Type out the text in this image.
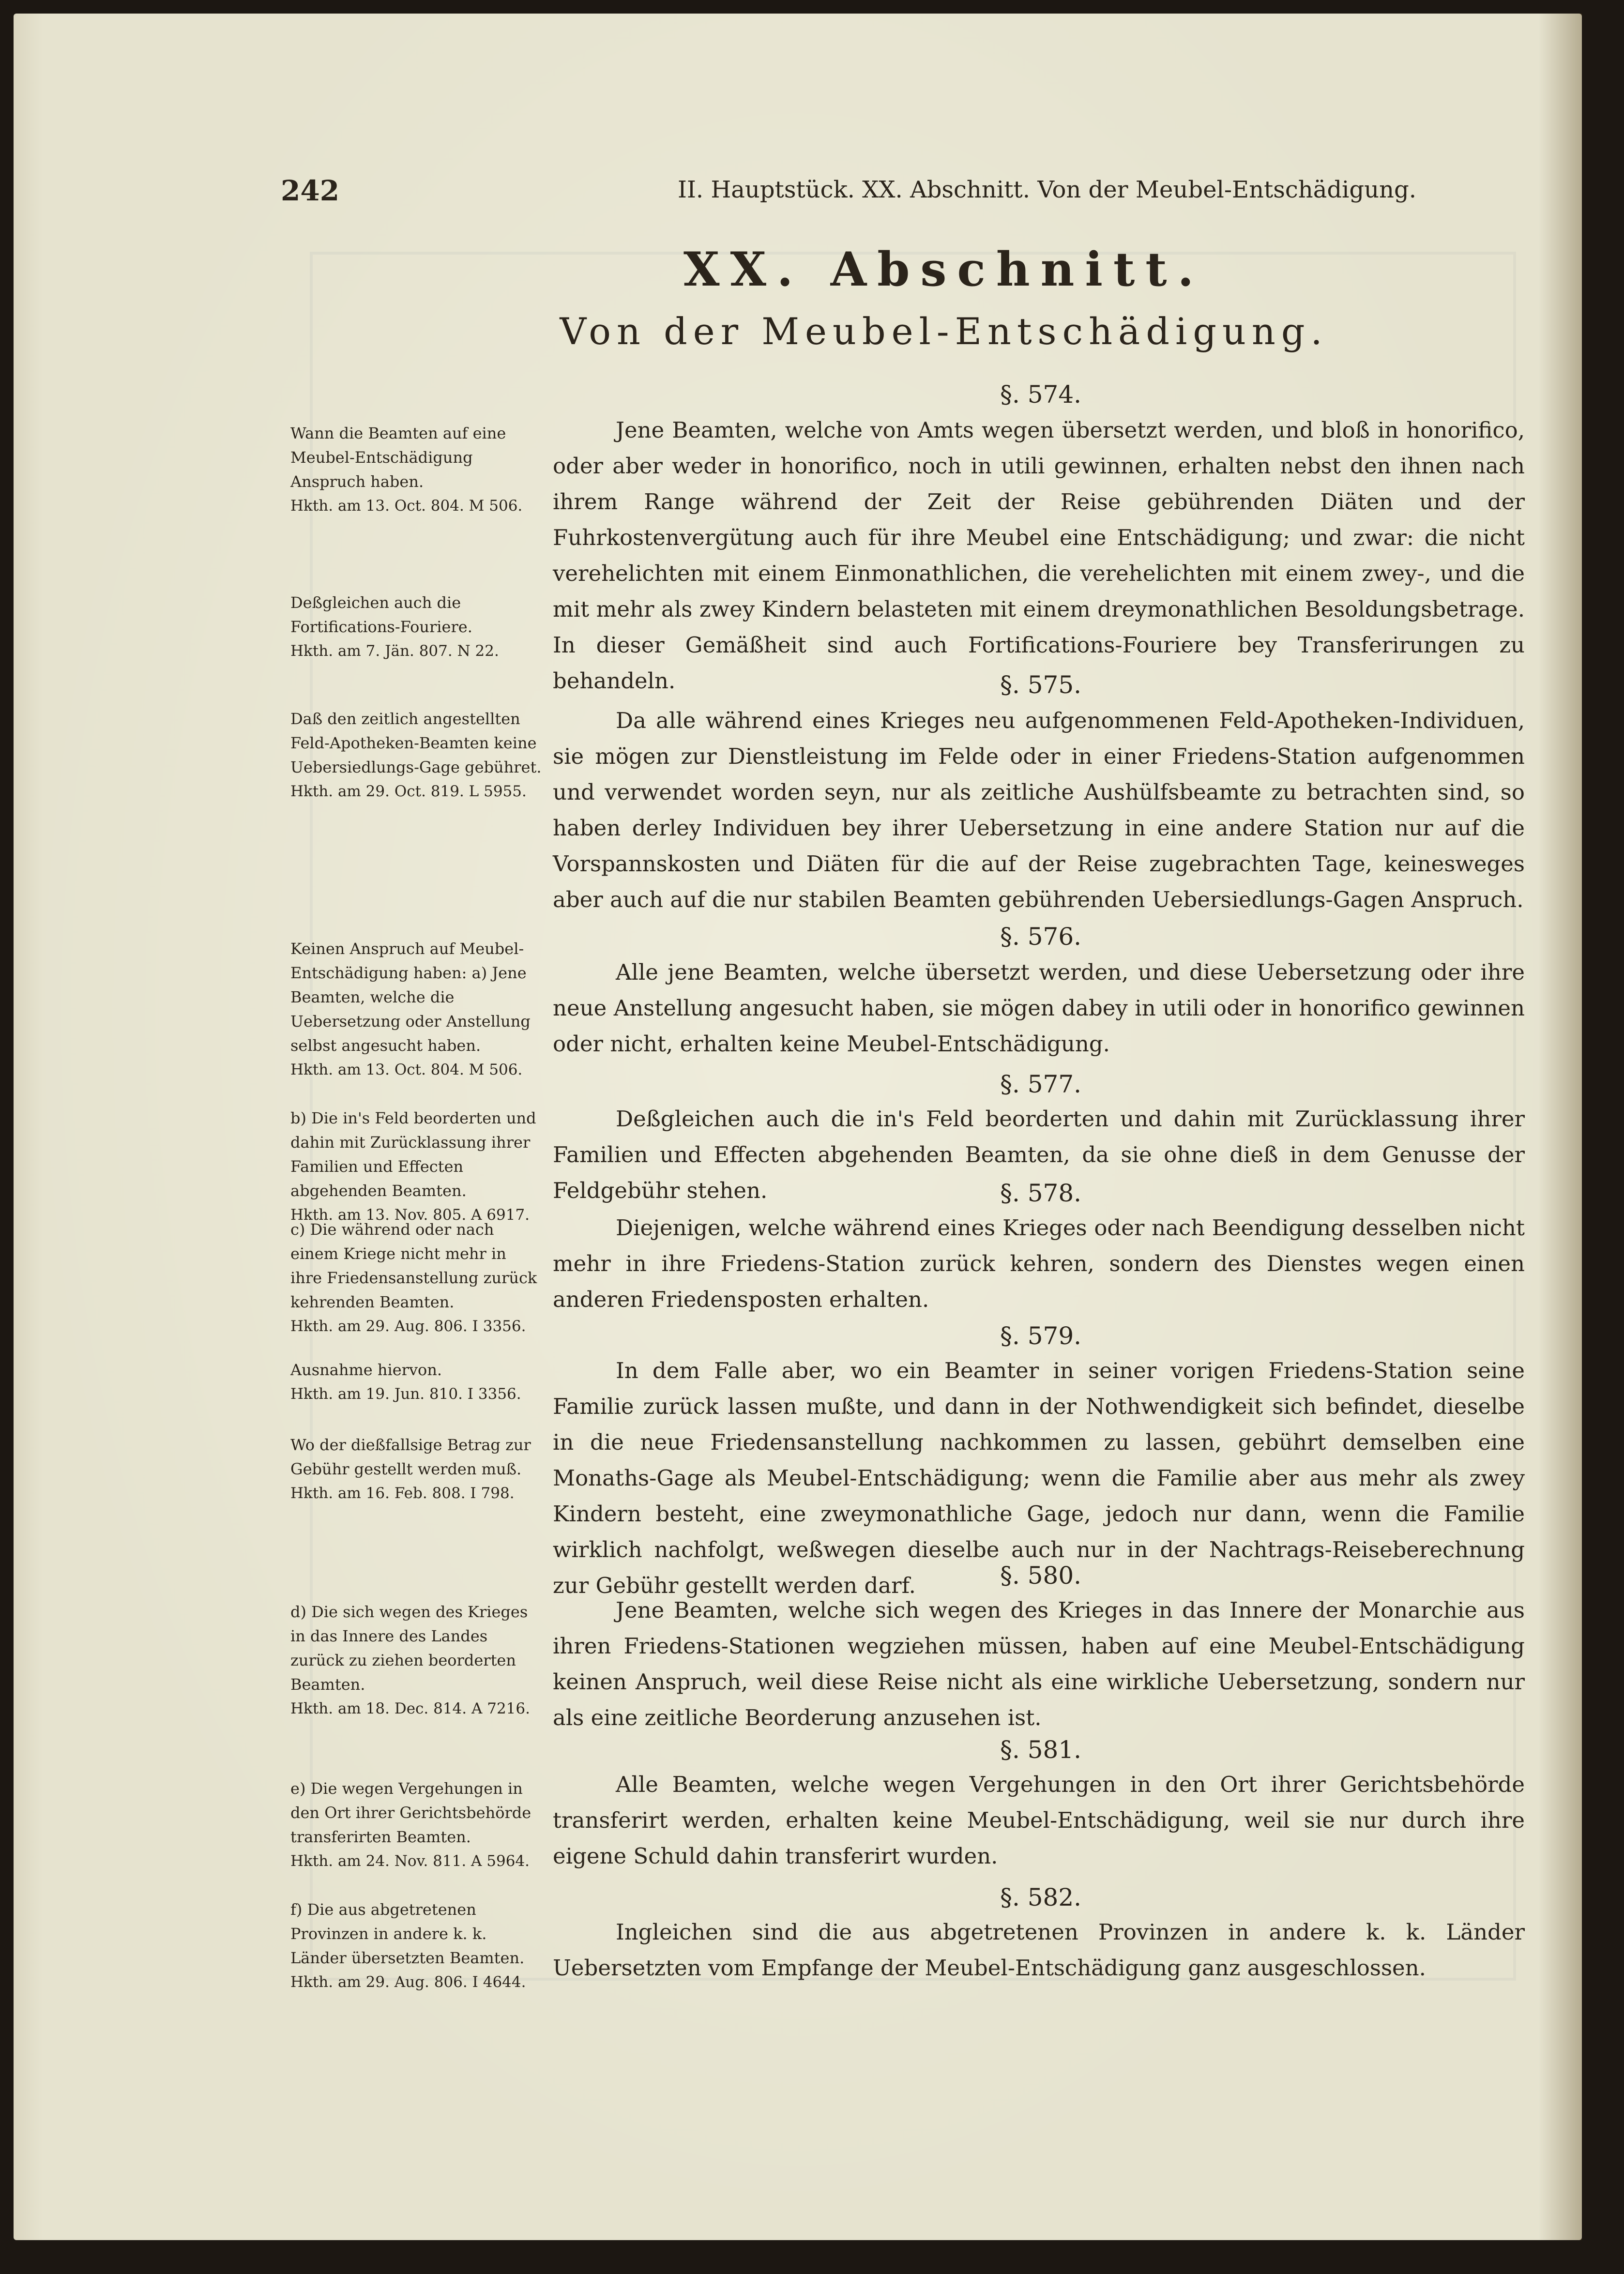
242	II. Hauptstück. XX. Abschnitt. Von der Meubel-Entschädigung.
XX. Abschnitt.
Von der Meubel-Entschädigung.
Wann die Beamten auf eine Meubel-Entschädigung Anspruch haben.
Hkth. am 13. Oct. 804. M 506.
Deßgleichen auch die Fortifications-Fouriere.
Hkth. am 7. Jän. 807. N 22.
Daß den zeitlich angestellten Feld-Apotheken-Beamten keine Uebersiedlungs-Gage gebühret.
Hkth. am 29. Oct. 819. L 5955.
Keinen Anspruch auf Meubel-Entschädigung haben: a) Jene Beamten, welche die Uebersetzung oder Anstellung selbst angesucht haben.
Hkth. am 13. Oct. 804. M 506.
b) Die in's Feld beorderten und dahin mit Zurücklassung ihrer Familien und Effecten abgehenden Beamten.
Hkth. am 13. Nov. 805. A 6917.
c) Die während oder nach einem Kriege nicht mehr in ihre Friedensanstellung zurück kehrenden Beamten.
Hkth. am 29. Aug. 806. I 3356.
Ausnahme hiervon.
Hkth. am 19. Jun. 810. I 3356.
Wo der dießfallsige Betrag zur Gebühr gestellt werden muß.
Hkth. am 16. Feb. 808. I 798.
d) Die sich wegen des Krieges in das Innere des Landes zurück zu ziehen beorderten Beamten.
Hkth. am 18. Dec. 814. A 7216.
e) Die wegen Vergehungen in den Ort ihrer Gerichtsbehörde transferirten Beamten.
Hkth. am 24. Nov. 811. A 5964.
f) Die aus abgetretenen Provinzen in andere k. k. Länder übersetzten Beamten.
Hkth. am 29. Aug. 806. I 4644.
§. 574.
Jene Beamten, welche von Amts wegen übersetzt werden, und bloß in honorifico, oder aber weder in honorifico, noch in utili gewinnen, erhalten nebst den ihnen nach ihrem Range während der Zeit der Reise gebührenden Diäten und der Fuhrkostenvergütung auch für ihre Meubel eine Entschädigung; und zwar: die nicht verehelichten mit einem Einmonathlichen, die verehelichten mit einem zwey-, und die mit mehr als zwey Kindern belasteten mit einem dreymonathlichen Besoldungsbetrage. In dieser Gemäßheit sind auch Fortifications-Fouriere bey Transferirungen zu behandeln.	§. 575.
Da alle während eines Krieges neu aufgenommenen Feld-Apotheken-Individuen, sie mögen zur Dienstleistung im Felde oder in einer Friedens-Station aufgenommen und verwendet worden seyn, nur als zeitliche Aushülfsbeamte zu betrachten sind, so haben derley Individuen bey ihrer Uebersetzung in eine andere Station nur auf die Vorspannskosten und Diäten für die auf der Reise zugebrachten Tage, keinesweges aber auch auf die nur stabilen Beamten gebührenden Uebersiedlungs-Gagen Anspruch.
§. 576.
Alle jene Beamten, welche übersetzt werden, und diese Uebersetzung oder ihre neue Anstellung angesucht haben, sie mögen dabey in utili oder in honorifico gewinnen oder nicht, erhalten keine Meubel-Entschädigung.
§. 577.
Deßgleichen auch die in's Feld beorderten und dahin mit Zurücklassung ihrer Familien und Effecten abgehenden Beamten, da sie ohne dieß in dem Genusse der Feldgebühr stehen.	§. 578.
Diejenigen, welche während eines Krieges oder nach Beendigung desselben nicht mehr in ihre Friedens-Station zurück kehren, sondern des Dienstes wegen einen anderen Friedensposten erhalten.
§. 579.
In dem Falle aber, wo ein Beamter in seiner vorigen Friedens-Station seine Familie zurück lassen mußte, und dann in der Nothwendigkeit sich befindet, dieselbe in die neue Friedensanstellung nachkommen zu lassen, gebührt demselben eine Monaths-Gage als Meubel-Entschädigung; wenn die Familie aber aus mehr als zwey Kindern besteht, eine zweymonathliche Gage, jedoch nur dann, wenn die Familie wirklich nachfolgt, weßwegen dieselbe auch nur in der Nachtrags-Reiseberechnung zur Gebühr gestellt werden darf.	§. 580.
Jene Beamten, welche sich wegen des Krieges in das Innere der Monarchie aus ihren Friedens-Stationen wegziehen müssen, haben auf eine Meubel-Entschädigung keinen Anspruch, weil diese Reise nicht als eine wirkliche Uebersetzung, sondern nur als eine zeitliche Beorderung anzusehen ist.
§. 581.
Alle Beamten, welche wegen Vergehungen in den Ort ihrer Gerichtsbehörde transferirt werden, erhalten keine Meubel-Entschädigung, weil sie nur durch ihre eigene Schuld dahin transferirt wurden.
§. 582.
Ingleichen sind die aus abgetretenen Provinzen in andere k. k. Länder Uebersetzten vom Empfange der Meubel-Entschädigung ganz ausgeschlossen.
